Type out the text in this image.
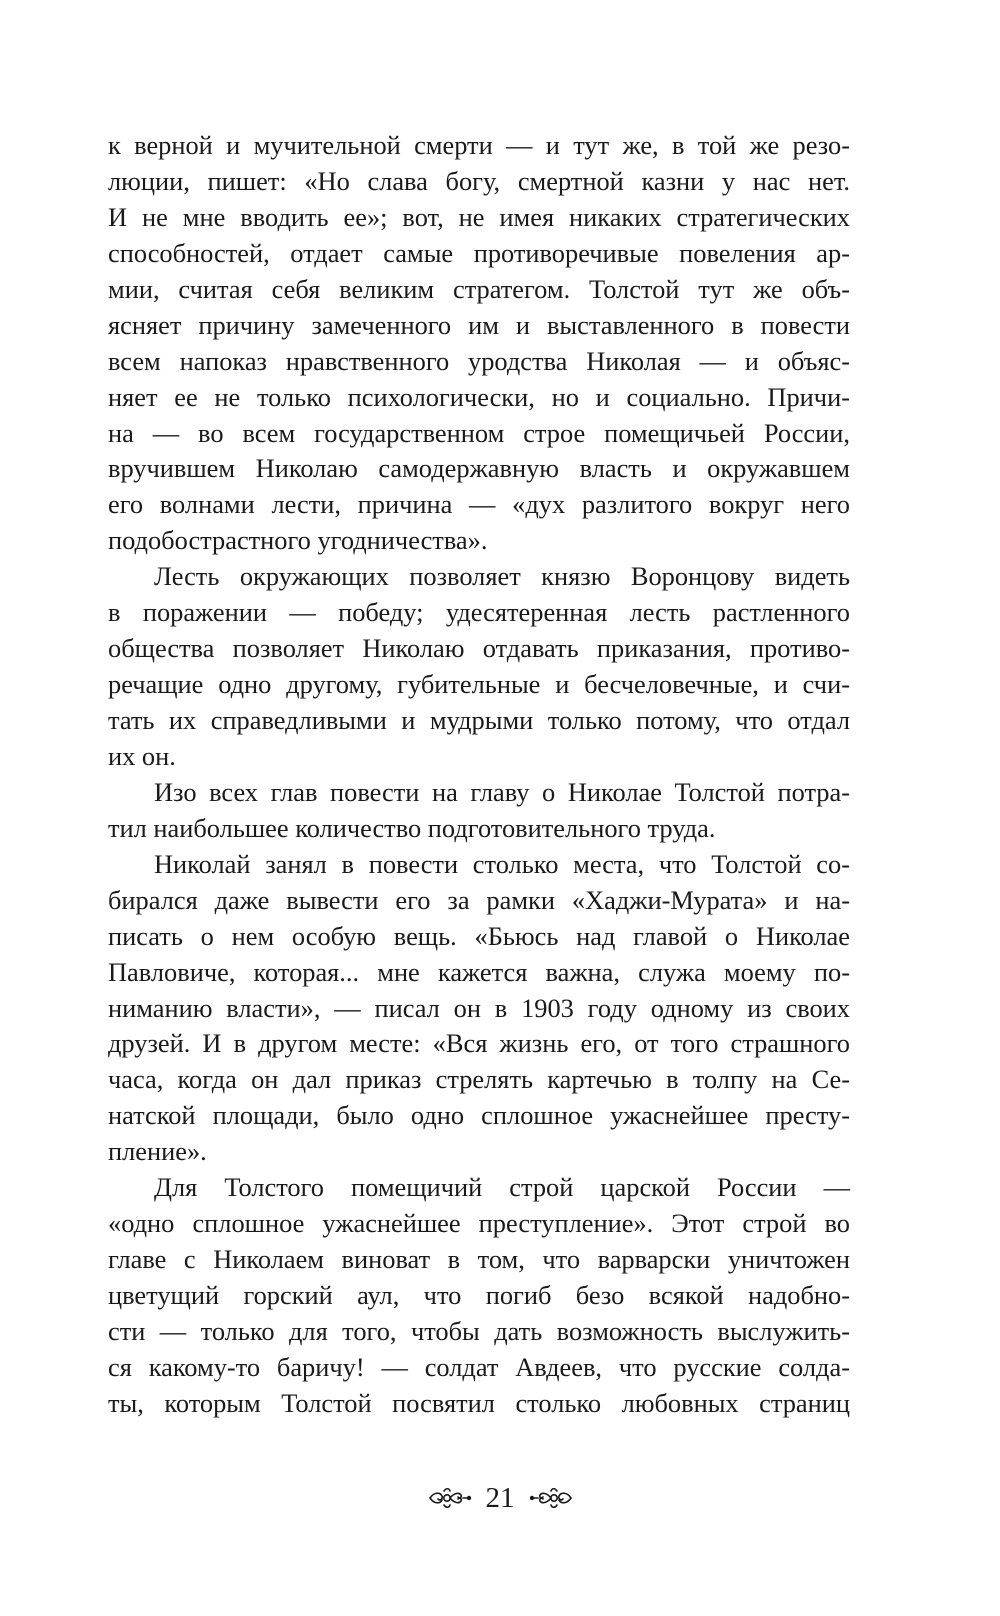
к верной и мучительной смерти — и тут же, в той же резо-
люции, пишет: «Но слава богу, смертной казни у нас нет.
И не мне вводить ее»; вот, не имея никаких стратегических
способностей, отдает самые противоречивые повеления ар-
мии, считая себя великим стратегом. Толстой тут же объ-
ясняет причину замеченного им и выставленного в повести
всем напоказ нравственного уродства Николая — и объяс-
няет ее не только психологически, но и социально. Причи-
на — во всем государственном строе помещичьей России,
вручившем Николаю самодержавную власть и окружавшем
его волнами лести, причина — «дух разлитого вокруг него
подобострастного угодничества».
Лесть окружающих позволяет князю Воронцову видеть
в поражении — победу; удесятеренная лесть растленного
общества позволяет Николаю отдавать приказания, противо-
речащие одно другому, губительные и бесчеловечные, и счи-
тать их справедливыми и мудрыми только потому, что отдал
их он.
Изо всех глав повести на главу о Николае Толстой потра-
тил наибольшее количество подготовительного труда.
Николай занял в повести столько места, что Толстой со-
бирался даже вывести его за рамки «Хаджи-Мурата» и на-
писать о нем особую вещь. «Бьюсь над главой о Николае
Павловиче, которая... мне кажется важна, служа моему по-
ниманию власти», — писал он в 1903 году одному из своих
друзей. И в другом месте: «Вся жизнь его, от того страшного
часа, когда он дал приказ стрелять картечью в толпу на Се-
натской площади, было одно сплошное ужаснейшее престу-
пление».
Для Толстого помещичий строй царской России —
«одно сплошное ужаснейшее преступление». Этот строй во
главе с Николаем виноват в том, что варварски уничтожен
цветущий горский аул, что погиб безо всякой надобно-
сти — только для того, чтобы дать возможность выслужить-
ся какому-то баричу! — солдат Авдеев, что русские солда-
ты, которым Толстой посвятил столько любовных страниц
21
